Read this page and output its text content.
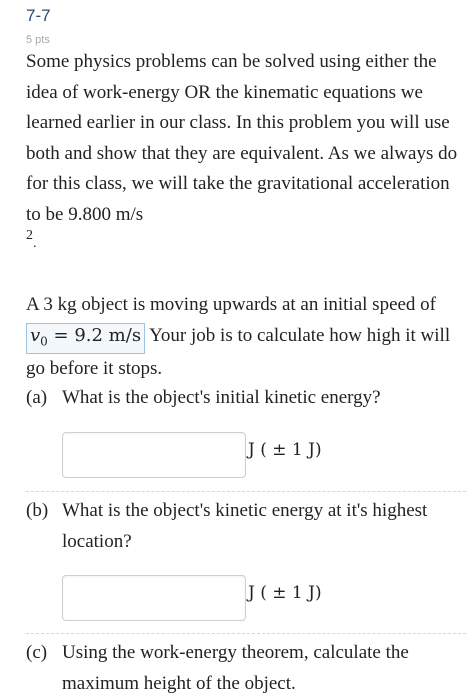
7-7
5 pts
Some physics problems can be solved using either the idea of work-energy OR the kinematic equations we learned earlier in our class. In this problem you will use both and show that they are equivalent. As we always do for this class, we will take the gravitational acceleration to be 9.800 m/s
2.
A 3 kg object is moving upwards at an initial speed of $v_0 = 9.2$ m/s Your job is to calculate how high it will go before it stops.
(a) What is the object's initial kinetic energy?
J ( ± 1 J)
(b) What is the object's kinetic energy at it's highest location?
J ( ± 1 J)
(c) Using the work-energy theorem, calculate the maximum height of the object.
